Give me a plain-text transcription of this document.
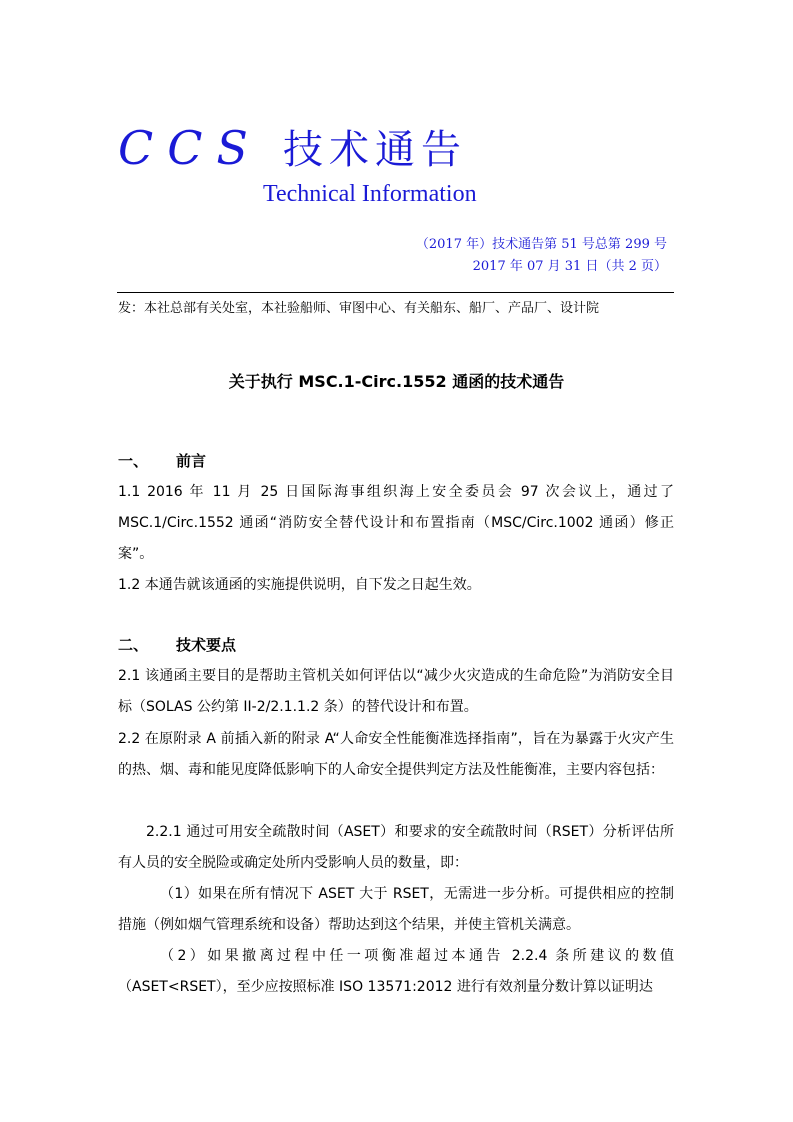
CCS 技术通告
Technical Information
（2017 年）技术通告第 51 号总第 299 号
2017 年 07 月 31 日（共 2 页）
发：本社总部有关处室，本社验船师、审图中心、有关船东、船厂、产品厂、设计院
关于执行 MSC.1-Circ.1552 通函的技术通告
一、 前言
1.1 2016 年 11 月 25 日国际海事组织海上安全委员会 97 次会议上，通过了 MSC.1/Circ.1552 通函“消防安全替代设计和布置指南（MSC/Circ.1002 通函）修正案”。
1.2 本通告就该通函的实施提供说明，自下发之日起生效。
二、 技术要点
2.1 该通函主要目的是帮助主管机关如何评估以“减少火灾造成的生命危险”为消防安全目标（SOLAS 公约第 II-2/2.1.1.2 条）的替代设计和布置。
2.2 在原附录 A 前插入新的附录 A“人命安全性能衡准选择指南”，旨在为暴露于火灾产生的热、烟、毒和能见度降低影响下的人命安全提供判定方法及性能衡准，主要内容包括：
2.2.1 通过可用安全疏散时间（ASET）和要求的安全疏散时间（RSET）分析评估所有人员的安全脱险或确定处所内受影响人员的数量，即：
（1）如果在所有情况下 ASET 大于 RSET，无需进一步分析。可提供相应的控制措施（例如烟气管理系统和设备）帮助达到这个结果，并使主管机关满意。
（2）如果撤离过程中任一项衡准超过本通告 2.2.4 条所建议的数值（ASET<RSET），至少应按照标准 ISO 13571:2012 进行有效剂量分数计算以证明达
